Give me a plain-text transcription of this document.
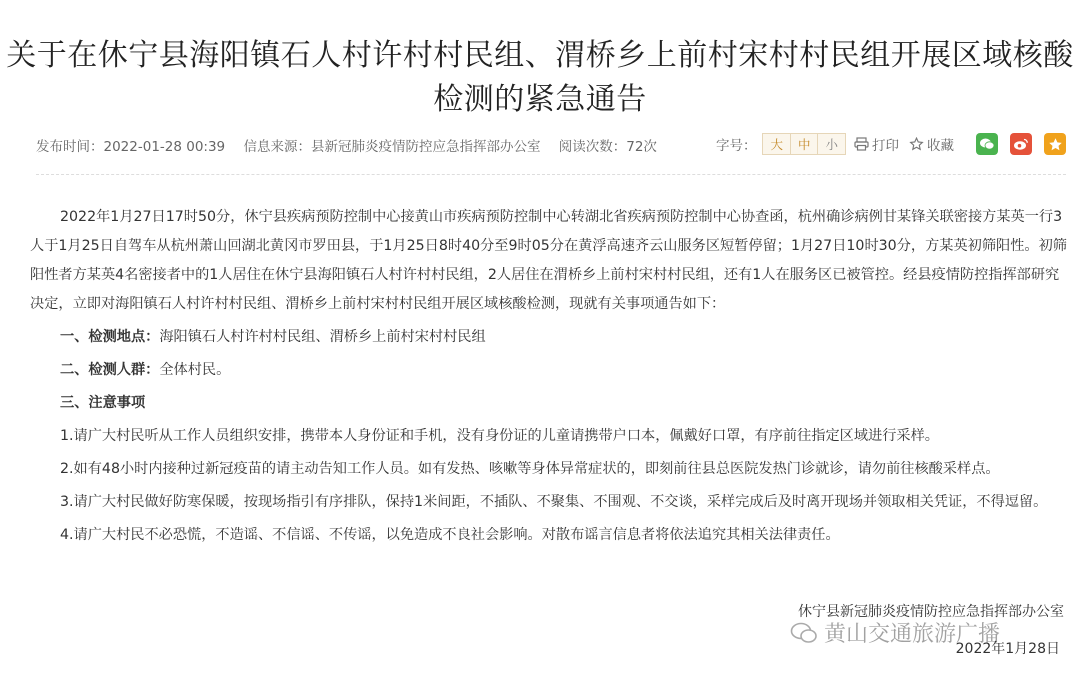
关于在休宁县海阳镇石人村许村村民组、渭桥乡上前村宋村村民组开展区域核酸检测的紧急通告
发布时间：2022-01-28 00:39 信息来源：县新冠肺炎疫情防控应急指挥部办公室 阅读次数：72次	字号：	大	中	小	打印 收藏

2022年1月27日17时50分，休宁县疾病预防控制中心接黄山市疾病预防控制中心转湖北省疾病预防控制中心协查函，杭州确诊病例甘某锋关联密接方某英一行3人于1月25日自驾车从杭州萧山回湖北黄冈市罗田县，于1月25日8时40分至9时05分在黄浮高速齐云山服务区短暂停留；1月27日10时30分，方某英初筛阳性。初筛阳性者方某英4名密接者中的1人居住在休宁县海阳镇石人村许村村民组，2人居住在渭桥乡上前村宋村村民组，还有1人在服务区已被管控。经县疫情防控指挥部研究决定，立即对海阳镇石人村许村村民组、渭桥乡上前村宋村村民组开展区域核酸检测，现就有关事项通告如下：

一、检测地点：海阳镇石人村许村村民组、渭桥乡上前村宋村村民组

二、检测人群：全体村民。

三、注意事项

1.请广大村民听从工作人员组织安排，携带本人身份证和手机，没有身份证的儿童请携带户口本，佩戴好口罩，有序前往指定区域进行采样。

2.如有48小时内接种过新冠疫苗的请主动告知工作人员。如有发热、咳嗽等身体异常症状的，即刻前往县总医院发热门诊就诊，请勿前往核酸采样点。

3.请广大村民做好防寒保暖，按现场指引有序排队，保持1米间距，不插队、不聚集、不围观、不交谈，采样完成后及时离开现场并领取相关凭证，不得逗留。

4.请广大村民不必恐慌，不造谣、不信谣、不传谣，以免造成不良社会影响。对散布谣言信息者将依法追究其相关法律责任。

休宁县新冠肺炎疫情防控应急指挥部办公室
黄山交通旅游广播
2022年1月28日
